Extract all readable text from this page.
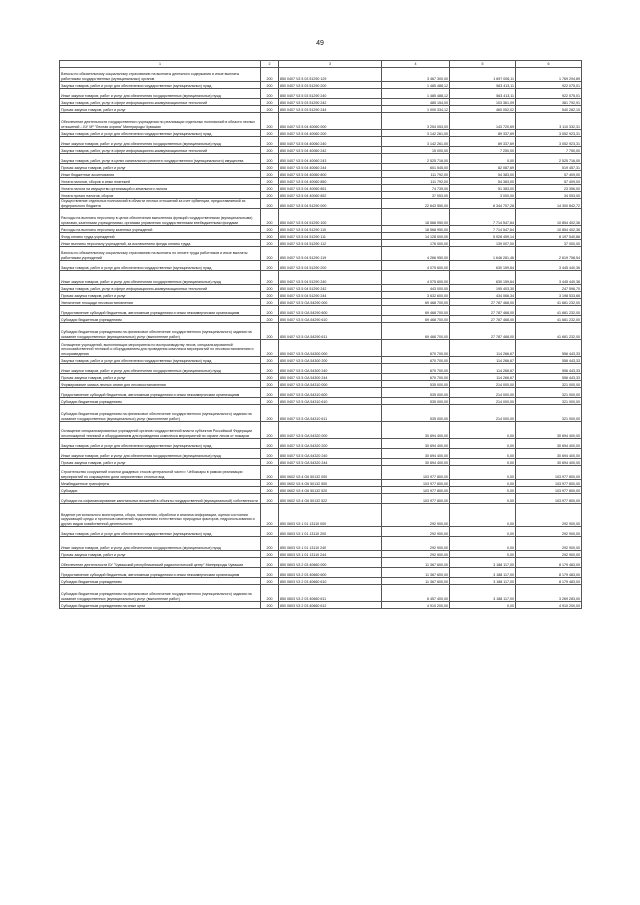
49
1	2	3	4	5	6
Взносы по обязательному социальному страхованию на выплаты денежного содержания и иные выплаты работникам государственных (муниципальных) органов	200	850 0407 Ч3 5 03 51290 129	3 467 300,00	1 697 006,11	1 769 294,89
Закупка товаров, работ и услуг для обеспечения государственных (муниципальных) нужд	200	850 0407 Ч3 5 03 51290 200	1 485 488,12	563 413,11	922 075,01
Иные закупки товаров, работ и услуг для обеспечения государственных (муниципальных) нужд	200	850 0407 Ч3 5 03 51290 240	1 485 488,12	563 413,11	922 075,01
Закупка товаров, работ, услуг в сфере информационно-коммуникационных технологий	200	850 0407 Ч3 5 03 51290 242	485 154,00	103 361,09	381 792,91
Прочая закупка товаров, работ и услуг	200	850 0407 Ч3 5 03 51290 244	1 000 334,12	460 052,02	540 282,10
Обеспечение деятельности государственного учреждения по реализации отдельных полномочий в области лесных отношений – БУ ЧР "Лесная охрана" Минприроды Чувашии	200	850 0407 Ч3 5 04 40060 000	3 254 053,00	143 720,69	3 110 332,31
Закупка товаров, работ и услуг для обеспечения государственных (муниципальных) нужд	200	850 0407 Ч3 5 04 40060 200	3 142 261,00	89 337,69	3 052 923,31
Иные закупки товаров, работ и услуг для обеспечения государственных (муниципальных) нужд	200	850 0407 Ч3 5 04 40060 240	3 142 261,00	89 337,69	3 052 923,31
Закупка товаров, работ, услуг в сфере информационно-коммуникационных технологий	200	850 0407 Ч3 5 04 40060 242	15 000,00	7 250,00	7 750,00
Закупка товаров, работ, услуг в целях капитального ремонта государственного (муниципального) имущества	200	850 0407 Ч3 5 04 40060 243	2 525 716,00	0,00	2 525 716,00
Прочая закупка товаров, работ и услуг	200	850 0407 Ч3 5 04 40060 244	601 545,00	82 087,69	519 457,31
Иные бюджетные ассигнования	200	850 0407 Ч3 5 04 40060 800	111 792,00	54 383,00	57 409,00
Уплата налогов, сборов и иных платежей	200	850 0407 Ч3 5 04 40060 850	111 792,00	54 383,00	57 409,00
Уплата налога на имущество организаций и земельного налога	200	850 0407 Ч3 5 04 40060 851	74 739,00	51 383,00	23 356,00
Уплата прочих налогов, сборов	200	850 0407 Ч3 5 04 40060 852	37 053,00	3 000,00	34 053,00
Осуществление отдельных полномочий в области лесных отношений за счет субвенции, предоставляемой из федерального бюджета	200	850 0407 Ч3 5 04 51290 000	22 643 550,00	8 344 707,28	14 300 842,72
Расходы на выплаты персоналу в целях обеспечения выполнения функций государственными (муниципальными) органами, казенными учреждениями, органами управления государственными внебюджетными фондами	200	850 0407 Ч3 5 04 51290 100	18 568 950,00	7 714 547,64	10 854 402,36
Расходы на выплаты персоналу казенных учреждений	200	850 0407 Ч3 5 04 51290 110	18 568 950,00	7 714 547,64	10 854 402,36
Фонд оплаты труда учреждений	200	850 0407 Ч3 5 04 51290 111	14 128 000,00	5 928 459,14	8 197 540,86
Иные выплаты персоналу учреждений, за исключением фонда оплаты труда	200	850 0407 Ч3 5 04 51290 112	176 000,00	139 007,00	37 000,00
Взносы по обязательному социальному страхованию на выплаты по оплате труда работников и иные выплаты работникам учреждений	200	850 0407 Ч3 5 04 51290 119	4 266 950,00	1 646 281,46	2 619 758,54
Закупка товаров, работ и услуг для обеспечения государственных (муниципальных) нужд	200	850 0407 Ч3 5 04 51290 200	4 075 600,00	630 159,64	3 445 440,36
Иные закупки товаров, работ и услуг для обеспечения государственных (муниципальных) нужд	200	850 0407 Ч3 5 04 51290 240	4 075 600,00	630 159,64	3 445 440,36
Закупка товаров, работ, услуг в сфере информационно-коммуникационных технологий	200	850 0407 Ч3 5 04 51290 242	443 000,00	195 403,30	247 596,70
Прочая закупка товаров, работ и услуг	200	850 0407 Ч3 5 04 51290 244	3 632 600,00	434 066,34	3 198 533,66
Увеличение площади лесовосстановления	200	850 0407 Ч3 5 GA 54290 000	69 468 700,00	27 787 468,00	41 681 232,00
Предоставление субсидий бюджетным, автономным учреждениям и иным некоммерческим организациям	200	850 0407 Ч3 5 GA 54290 600	69 468 700,00	27 787 468,00	41 681 232,00
Субсидии бюджетным учреждениям	200	850 0407 Ч3 5 GA 54290 610	69 468 700,00	27 787 468,00	41 681 232,00
Субсидии бюджетным учреждениям на финансовое обеспечение государственного (муниципального) задания на оказание государственных (муниципальных) услуг (выполнение работ)	200	850 0407 Ч3 5 GA 54290 611	69 468 700,00	27 787 468,00	41 681 232,00
Оснащение учреждений, выполняющих мероприятия по воспроизводству лесов, специализированной лесохозяйственной техникой и оборудованием для проведения комплекса мероприятий по лесовосстановлению и лесоразведению	200	850 0407 Ч3 5 GA 54300 000	670 700,00	114 266,67	556 443,33
Закупка товаров, работ и услуг для обеспечения государственных (муниципальных) нужд	200	850 0407 Ч3 5 GA 54300 200	670 700,00	114 266,67	556 443,33
Иные закупки товаров, работ и услуг для обеспечения государственных (муниципальных) нужд	200	850 0407 Ч3 5 GA 54300 240	670 700,00	114 266,67	556 443,33
Прочая закупка товаров, работ и услуг	200	850 0407 Ч3 5 GA 54300 244	670 700,00	114 266,67	556 443,33
Формирование запаса лесных семян для лесовосстановления	200	850 0407 Ч3 5 GA 54310 000	535 000,00	214 000,00	321 000,00
Предоставление субсидий бюджетным, автономным учреждениям и иным некоммерческим организациям	200	850 0407 Ч3 5 GA 54310 600	535 000,00	214 000,00	321 000,00
Субсидии бюджетным учреждениям	200	850 0407 Ч3 5 GA 54310 610	535 000,00	214 000,00	321 000,00
Субсидии бюджетным учреждениям на финансовое обеспечение государственного (муниципального) задания на оказание государственных (муниципальных) услуг (выполнение работ)	200	850 0407 Ч3 5 GA 54310 611	535 000,00	214 000,00	321 000,00
Оснащение специализированных учреждений органов государственной власти субъектов Российской Федерации лесопожарной техникой и оборудованием для проведения комплекса мероприятий по охране лесов от пожаров	200	850 0407 Ч3 5 GA 54320 000	30 694 400,00	0,00	30 694 400,00
Закупка товаров, работ и услуг для обеспечения государственных (муниципальных) нужд	200	850 0407 Ч3 5 GA 54320 200	30 694 400,00	0,00	30 694 400,00
Иные закупки товаров, работ и услуг для обеспечения государственных (муниципальных) нужд	200	850 0407 Ч3 5 GA 54320 240	30 694 400,00	0,00	30 694 400,00
Прочая закупка товаров, работ и услуг	200	850 0407 Ч3 5 GA 54320 244	30 694 400,00	0,00	30 694 400,00
Строительство сооружений очистки дождевых стоков центральной части г. Чебоксары в рамках реализации мероприятий по сокращению доли загрязненных сточных вод	200	850 0602 Ч3 4 G6 50132 000	103 977 800,00	0,00	103 977 800,00
Межбюджетные трансферты	200	850 0602 Ч3 4 G6 50132 500	103 977 800,00	0,00	103 977 800,00
Субсидии	200	850 0602 Ч3 4 G6 50132 520	103 977 800,00	0,00	103 977 800,00
Субсидии на софинансирование капитальных вложений в объекты государственной (муниципальной) собственности	200	850 0602 Ч3 4 G6 50132 522	103 977 800,00	0,00	103 977 800,00
Ведение регионального мониторинга, сбора, накопления, обработки и анализа информации, оценки состояния окружающей среды и прогнозов изменений под влиянием естественных природных факторов, недропользования и других видов хозяйственной деятельности	200	850 0603 Ч3 1 01 13110 000	292 900,00	0,00	292 900,00
Закупка товаров, работ и услуг для обеспечения государственных (муниципальных) нужд	200	850 0603 Ч3 1 01 13110 200	292 900,00	0,00	292 900,00
Иные закупки товаров, работ и услуг для обеспечения государственных (муниципальных) нужд	200	850 0603 Ч3 1 01 13110 240	292 900,00	0,00	292 900,00
Прочая закупка товаров, работ и услуг	200	850 0603 Ч3 1 01 13110 244	292 900,00	0,00	292 900,00
Обеспечение деятельности БУ "Чувашский республиканский радиологический центр" Минприроды Чувашии	200	850 0603 Ч3 2 03 40660 000	11 367 600,00	3 188 117,00	8 179 483,00
Предоставление субсидий бюджетным, автономным учреждениям и иным некоммерческим организациям	200	850 0603 Ч3 2 03 40660 600	11 367 600,00	3 188 117,00	8 179 483,00
Субсидии бюджетным учреждениям	200	850 0603 Ч3 2 03 40660 610	11 367 600,00	3 188 117,00	8 179 483,00
Субсидии бюджетным учреждениям на финансовое обеспечение государственного (муниципального) задания на оказание государственных (муниципальных) услуг (выполнение работ)	200	850 0603 Ч3 2 03 40660 611	6 457 400,00	3 188 117,00	3 269 283,00
Субсидии бюджетным учреждениям на иные цели	200	850 0603 Ч3 2 03 40660 612	4 910 200,00	0,00	4 910 200,00
